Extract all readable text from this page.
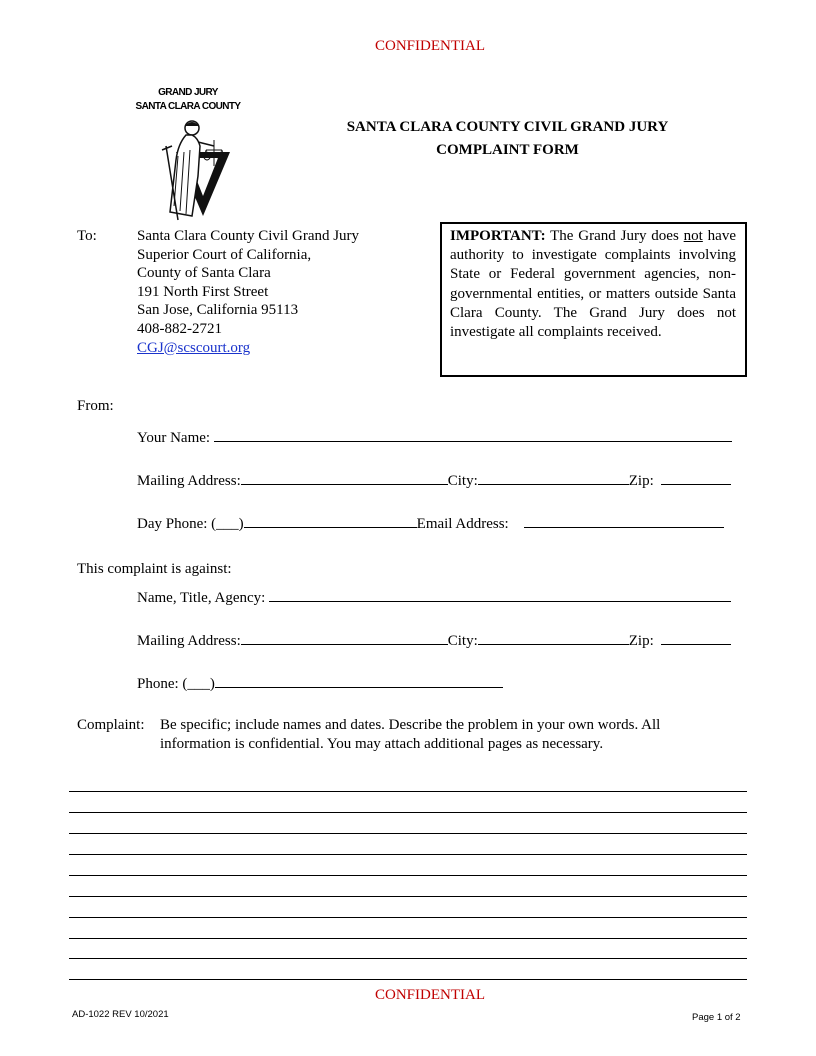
CONFIDENTIAL
GRAND JURY
SANTA CLARA COUNTY
SANTA CLARA COUNTY CIVIL GRAND JURY
COMPLAINT FORM
To:	Santa Clara County Civil Grand Jury
Superior Court of California,
County of Santa Clara
191 North First Street
San Jose, California 95113
408-882-2721
CGJ@scscourt.org
IMPORTANT: The Grand Jury does not have authority to investigate complaints involving State or Federal government agencies, non-governmental entities, or matters outside Santa Clara County. The Grand Jury does not investigate all complaints received.
From:
Your Name:
Mailing Address:	City:	Zip:
Day Phone: (___)	Email Address:
This complaint is against:
Name, Title, Agency:
Mailing Address:	City:	Zip:
Phone: (___)
Complaint: Be specific; include names and dates. Describe the problem in your own words. All
information is confidential. You may attach additional pages as necessary.
CONFIDENTIAL
AD-1022 REV 10/2021	Page 1 of 2
